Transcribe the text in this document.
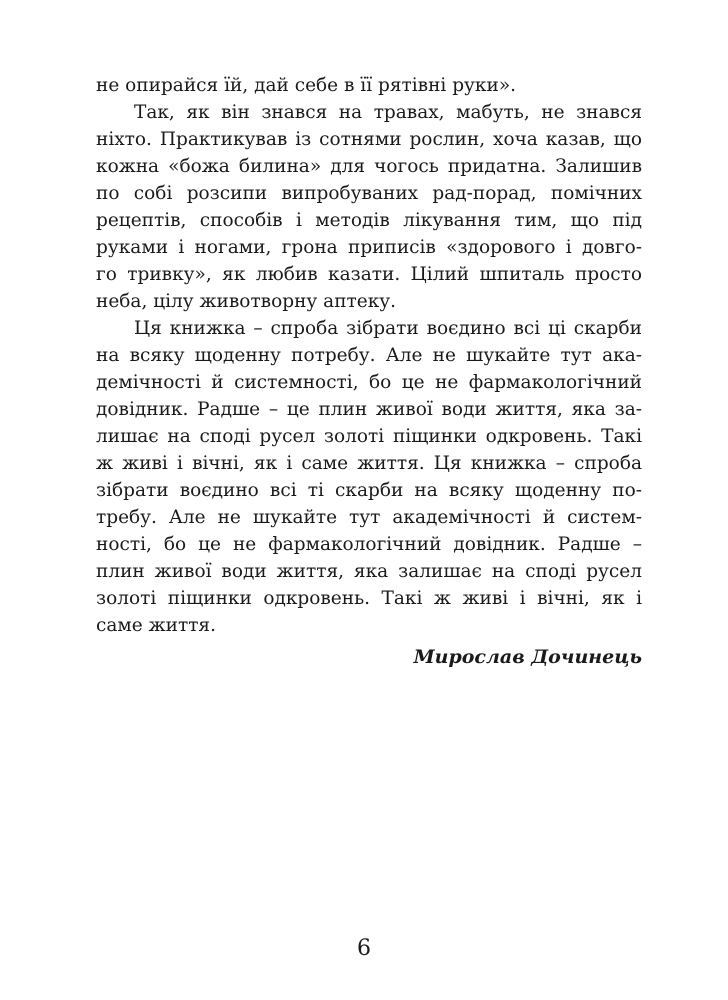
не опирайся їй, дай себе в її рятівні руки».
Так, як він знався на травах, мабуть, не знався
ніхто. Практикував із сотнями рослин, хоча казав, що
кожна «божа билина» для чогось придатна. Залишив
по собі розсипи випробуваних рад-порад, помічних
рецептів, способів і методів лікування тим, що під
руками і ногами, грона приписів «здорового і довго-
го тривку», як любив казати. Цілий шпиталь просто
неба, цілу животворну аптеку.
Ця книжка – спроба зібрати воєдино всі ці скарби
на всяку щоденну потребу. Але не шукайте тут ака-
демічності й системності, бо це не фармакологічний
довідник. Радше – це плин живої води життя, яка за-
лишає на споді русел золоті піщинки одкровень. Такі
ж живі і вічні, як і саме життя. Ця книжка – спроба
зібрати воєдино всі ті скарби на всяку щоденну по-
требу. Але не шукайте тут академічності й систем-
ності, бо це не фармакологічний довідник. Радше –
плин живої води життя, яка залишає на споді русел
золоті піщинки одкровень. Такі ж живі і вічні, як і
саме життя.
Мирослав Дочинець
6
